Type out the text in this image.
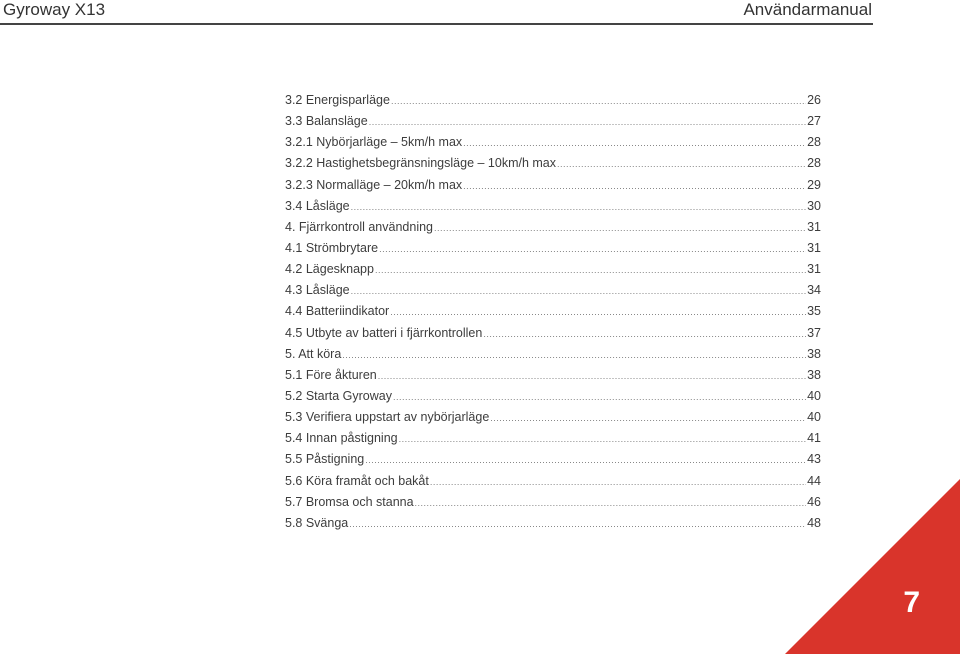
Gyroway X13	Användarmanual
3.2 Energisparläge .....	26
3.3 Balansläge .....	27
3.2.1 Nybörjarläge – 5km/h max .....	28
3.2.2 Hastighetsbegränsningsläge – 10km/h max .....	28
3.2.3 Normalläge – 20km/h max .....	29
3.4 Låsläge .....	30
4. Fjärrkontroll användning .....	31
4.1 Strömbrytare .....	31
4.2 Lägesknapp .....	31
4.3 Låsläge .....	34
4.4 Batteriindikator .....	35
4.5 Utbyte av batteri i fjärrkontrollen .....	37
5. Att köra .....	38
5.1 Före åkturen .....	38
5.2 Starta Gyroway .....	40
5.3 Verifiera uppstart av nybörjarläge .....	40
5.4 Innan påstigning .....	41
5.5 Påstigning .....	43
5.6 Köra framåt och bakåt .....	44
5.7 Bromsa och stanna .....	46
5.8 Svänga .....	48
7
